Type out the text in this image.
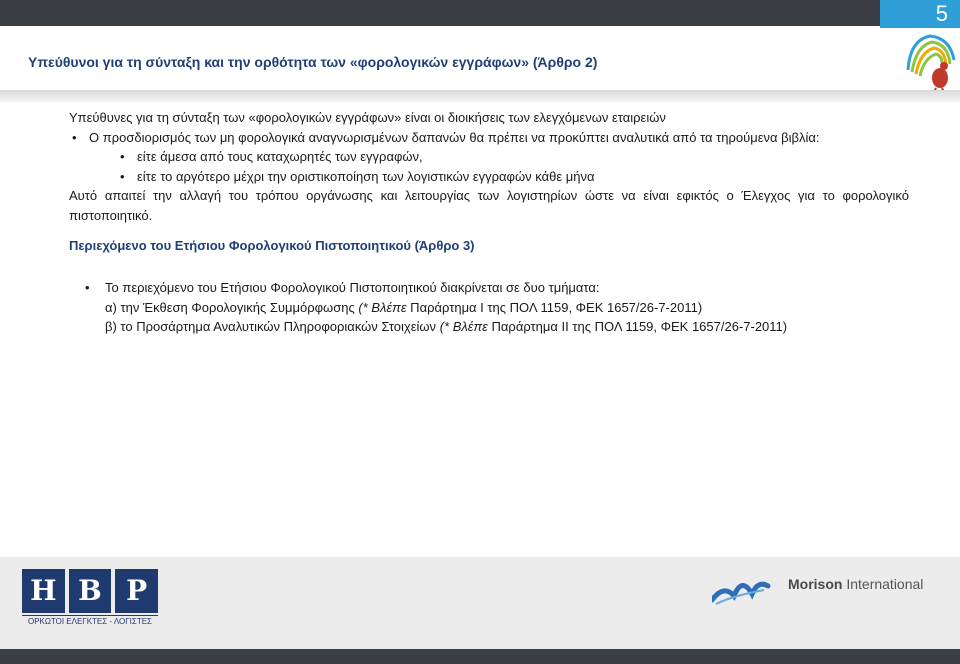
5
Υπεύθυνοι για τη σύνταξη και την ορθότητα των «φορολογικών εγγράφων» (Άρθρο 2)

Υπεύθυνες για τη σύνταξη των «φορολογικών εγγράφων» είναι οι διοικήσεις των ελεγχόμενων εταιρειών

• Ο προσδιορισμός των μη φορολογικά αναγνωρισμένων δαπανών θα πρέπει να προκύπτει αναλυτικά από τα τηρούμενα βιβλία:

• είτε άμεσα από τους καταχωρητές των εγγραφών,

• είτε το αργότερο μέχρι την οριστικοποίηση των λογιστικών εγγραφών κάθε μήνα

Αυτό απαιτεί την αλλαγή του τρόπου οργάνωσης και λειτουργίας των λογιστηρίων ώστε να είναι εφικτός ο Έλεγχος για το φορολογικό πιστοποιητικό.

Περιεχόμενο του Ετήσιου Φορολογικού Πιστοποιητικού (Άρθρο 3)

• Το περιεχόμενο του Ετήσιου Φορολογικού Πιστοποιητικού διακρίνεται σε δυο τμήματα:

α) την Έκθεση Φορολογικής Συμμόρφωσης (* Βλέπε Παράρτημα Ι της ΠΟΛ 1159, ΦΕΚ 1657/26-7-2011)

β) το Προσάρτημα Αναλυτικών Πληροφοριακών Στοιχείων (* Βλέπε Παράρτημα ΙΙ της ΠΟΛ 1159, ΦΕΚ 1657/26-7-2011)

H B P
ΟΡΚΩΤΟΙ ΕΛΕΓΚΤΕΣ - ΛΟΓΙΣΤΕΣ
Morison International
